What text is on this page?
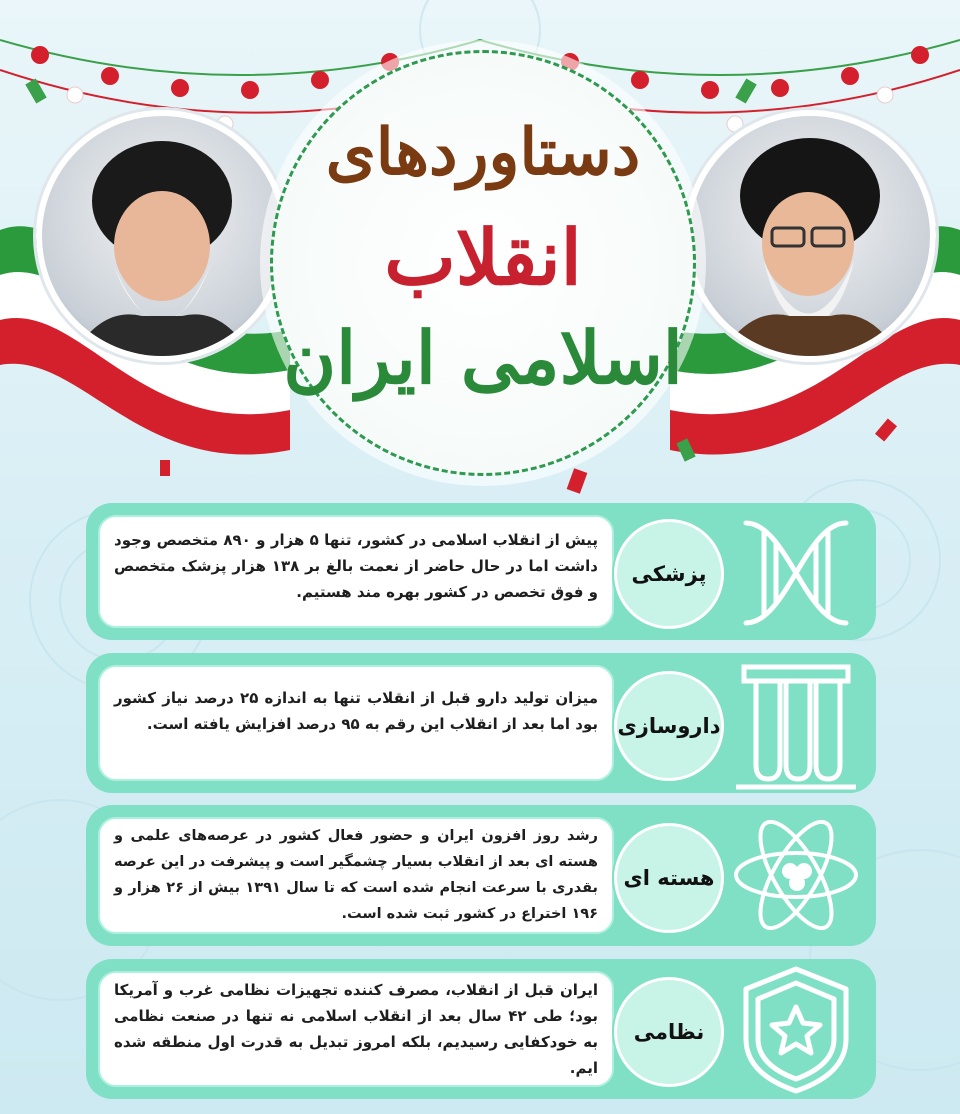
دستاوردهای
انقلاب
اسلامی ایران
پیش از انقلاب اسلامی در کشور، تنها ۵ هزار و ۸۹۰ متخصص وجود داشت اما در حال حاضر از نعمت بالغ بر ۱۳۸ هزار پزشک متخصص و فوق تخصص در کشور بهره مند هستیم.
پزشکی
میزان تولید دارو قبل از انقلاب تنها به اندازه ۲۵ درصد نیاز کشور بود اما بعد از انقلاب این رقم به ۹۵ درصد افزایش یافته است. داروسازی
رشد روز افزون ایران و حضور فعال کشور در عرصه‌های علمی و هسته ای بعد از انقلاب بسیار چشمگیر است و پیشرفت در این عرصه بقدری با سرعت انجام شده است که تا سال ۱۳۹۱ بیش از ۲۶ هزار و ۱۹۶ اختراع در کشور ثبت شده است.
هسته ای
ایران قبل از انقلاب، مصرف کننده تجهیزات نظامی غرب و آمریکا بود؛ طی ۴۲ سال بعد از انقلاب اسلامی نه تنها در صنعت نظامی به خودکفایی رسیدیم، بلکه امروز تبدیل به قدرت اول منطقه شده ایم.
نظامی
